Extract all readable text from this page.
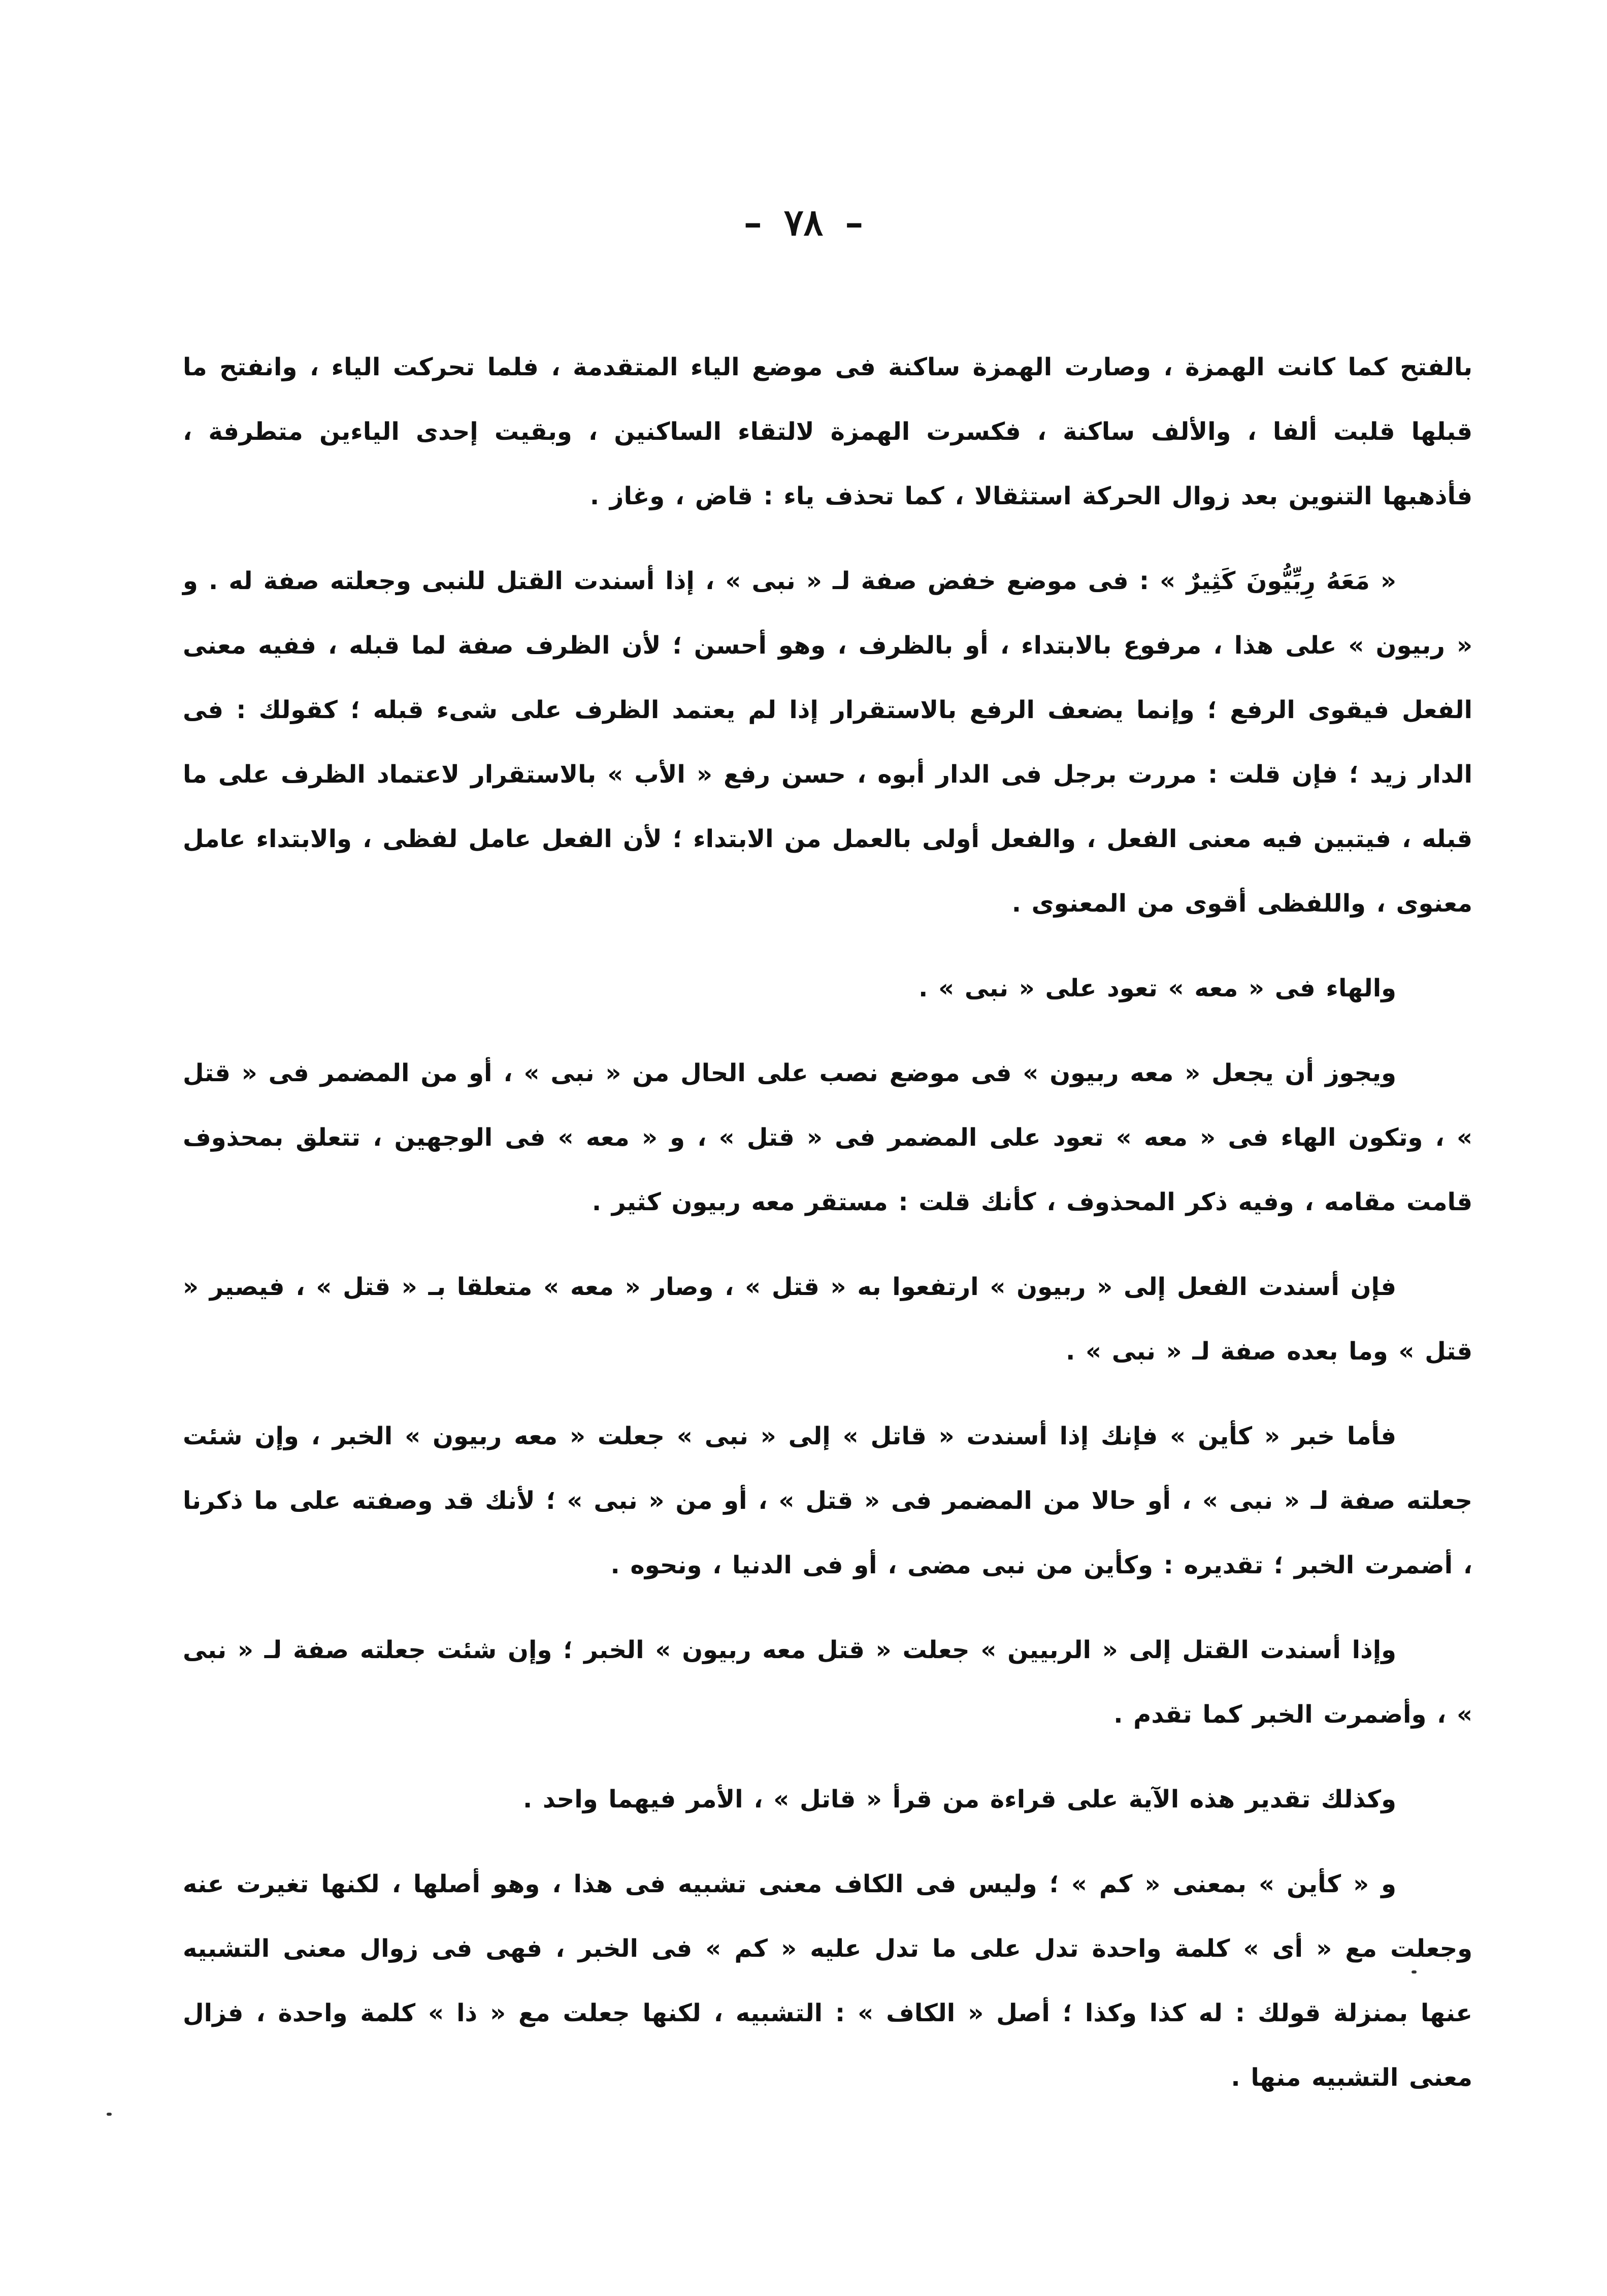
– ٧٨ –

بالفتح كما كانت الهمزة ، وصارت الهمزة ساكنة فى موضع الياء المتقدمة ، فلما تحركت الياء ، وانفتح ما قبلها قلبت ألفا ، والألف ساكنة ، فكسرت الهمزة لالتقاء الساكنين ، وبقيت إحدى الياءين متطرفة ، فأذهبها التنوين بعد زوال الحركة استثقالا ، كما تحذف ياء : قاض ، وغاز .

« مَعَهُ رِبِّيُّونَ كَثِيرٌ » : فى موضع خفض صفة لـ « نبى » ، إذا أسندت القتل للنبى وجعلته صفة له . و « ربيون » على هذا ، مرفوع بالابتداء ، أو بالظرف ، وهو أحسن ؛ لأن الظرف صفة لما قبله ، ففيه معنى الفعل فيقوى الرفع ؛ وإنما يضعف الرفع بالاستقرار إذا لم يعتمد الظرف على شىء قبله ؛ كقولك : فى الدار زيد ؛ فإن قلت : مررت برجل فى الدار أبوه ، حسن رفع « الأب » بالاستقرار لاعتماد الظرف على ما قبله ، فيتبين فيه معنى الفعل ، والفعل أولى بالعمل من الابتداء ؛ لأن الفعل عامل لفظى ، والابتداء عامل معنوى ، واللفظى أقوى من المعنوى .

والهاء فى « معه » تعود على « نبى » .

ويجوز أن يجعل « معه ربيون » فى موضع نصب على الحال من « نبى » ، أو من المضمر فى « قتل » ، وتكون الهاء فى « معه » تعود على المضمر فى « قتل » ، و « معه » فى الوجهين ، تتعلق بمحذوف قامت مقامه ، وفيه ذكر المحذوف ، كأنك قلت : مستقر معه ربيون كثير .

فإن أسندت الفعل إلى « ربيون » ارتفعوا به « قتل » ، وصار « معه » متعلقا بـ « قتل » ، فيصير « قتل » وما بعده صفة لـ « نبى » .

فأما خبر « كأين » فإنك إذا أسندت « قاتل » إلى « نبى » جعلت « معه ربيون » الخبر ، وإن شئت جعلته صفة لـ « نبى » ، أو حالا من المضمر فى « قتل » ، أو من « نبى » ؛ لأنك قد وصفته على ما ذكرنا ، أضمرت الخبر ؛ تقديره : وكأين من نبى مضى ، أو فى الدنيا ، ونحوه .

وإذا أسندت القتل إلى « الربيين » جعلت « قتل معه ربيون » الخبر ؛ وإن شئت جعلته صفة لـ « نبى » ، وأضمرت الخبر كما تقدم .

وكذلك تقدير هذه الآية على قراءة من قرأ « قاتل » ، الأمر فيهما واحد .

و « كأين » بمعنى « كم » ؛ وليس فى الكاف معنى تشبيه فى هذا ، وهو أصلها ، لكنها تغيرت عنه وجعلت مع « أى » كلمة واحدة تدل على ما تدل عليه « كم » فى الخبر ، فهى فى زوال معنى التشبيه عنها بمنزلة قولك : له كذا وكذا ؛ أصل « الكاف » : التشبيه ، لكنها جعلت مع « ذا » كلمة واحدة ، فزال معنى التشبيه منها .
